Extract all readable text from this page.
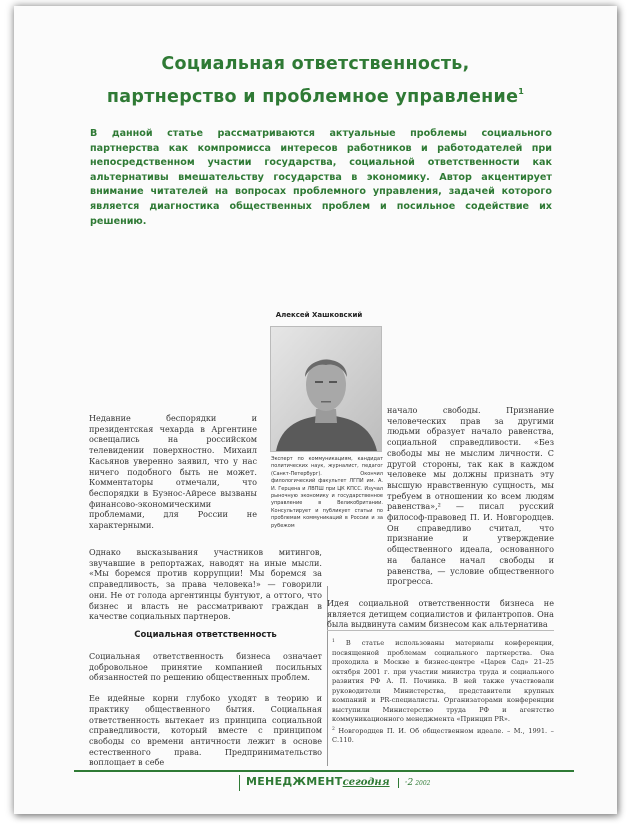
Социальная ответственность,
партнерство и проблемное управление$^1$
В данной статье рассматриваются актуальные проблемы социального партнерства как компромисса интересов работников и работодателей при непосредственном участии государства, социальной ответственности как альтернативы вмешательству государства в экономику. Автор акцентирует внимание читателей на вопросах проблемного управления, задачей которого является диагностика общественных проблем и посильное содействие их решению.
Алексей Хашковский
Эксперт по коммуникациям, кандидат политических наук, журналист, педагог (Санкт-Петербург). Окончил филологический факультет ЛГПИ им. А. И. Герцена и ЛВПШ при ЦК КПСС. Изучал рыночную экономику и государственное управление в Великобритании. Консультирует и публикует статьи по проблемам коммуникаций в России и за рубежом

Недавние беспорядки и президентская чехарда в Аргентине освещались на российском телевидении поверхностно. Михаил Касьянов уверенно заявил, что у нас ничего подобного быть не может. Комментаторы отмечали, что беспорядки в Буэнос-Айресе вызваны финансово-экономическими проблемами, для России не характерными.

Однако высказывания участников митингов, звучавшие в репортажах, наводят на иные мысли. «Мы боремся против коррупции! Мы боремся за справедливость, за права человека!» — говорили они. Не от голода аргентинцы бунтуют, а оттого, что бизнес и власть не рассматривают граждан в качестве социальных партнеров.

Социальная ответственность

Социальная ответственность бизнеса означает добровольное принятие компанией посильных обязанностей по решению общественных проблем.

Ее идейные корни глубоко уходят в теорию и практику общественного бытия. Социальная ответственность вытекает из принципа социальной справедливости, который вместе с принципом свободы со времени античности лежит в основе естественного права. Предпринимательство воплощает в себе

начало свободы. Признание человеческих прав за другими людьми образует начало равенства, социальной справедливости. «Без свободы мы не мыслим личности. С другой стороны, так как в каждом человеке мы должны признать эту высшую нравственную сущность, мы требуем в отношении ко всем людям равенства»,² — писал русский философ-правовед П. И. Новгородцев. Он справедливо считал, что признание и утверждение общественного идеала, основанного на балансе начал свободы и равенства, — условие общественного прогресса.

Идея социальной ответственности бизнеса не является детищем социалистов и филантропов. Она была выдвинута самим бизнесом как альтернатива

$^1$ В статье использованы материалы конференции, посвященной проблемам социального партнерства. Она проходила в Москве в бизнес-центре «Царев Сад» 21–25 октября 2001 г. при участии министра труда и социального развития РФ А. П. Починка. В ней также участвовали руководители Министерства, представители крупных компаний и PR-специалисты. Организаторами конференции выступили Министерство труда РФ и агентство коммуникационного менеджмента «Принцип PR».

$^2$ Новгородцев П. И. Об общественном идеале. – М., 1991. – С.110.

МЕНЕДЖМЕНТ сегодня	·2 2002
